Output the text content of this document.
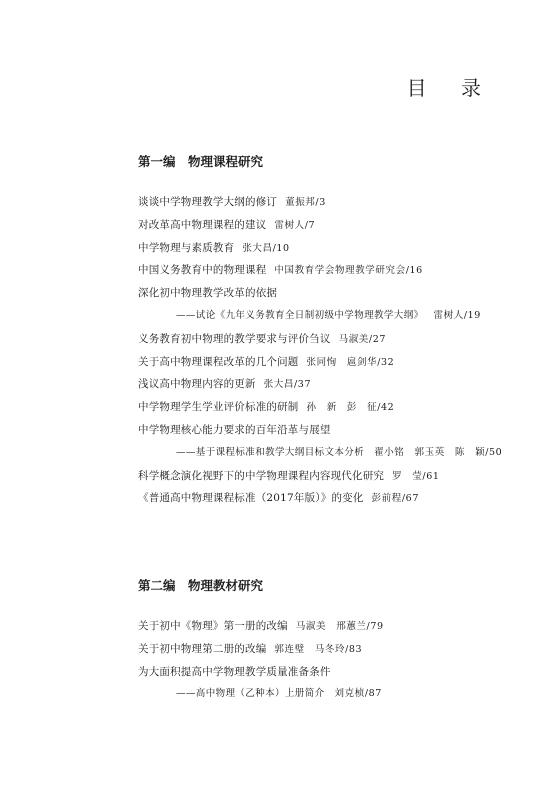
目 录
第一编　物理课程研究
谈谈中学物理教学大纲的修订 董振邦/3
对改革高中物理课程的建议 雷树人/7
中学物理与素质教育 张大昌/10
中国义务教育中的物理课程 中国教育学会物理教学研究会/16
深化初中物理教学改革的依据
——试论《九年义务教育全日制初级中学物理教学大纲》 雷树人/19
义务教育初中物理的教学要求与评价刍议 马淑美/27
关于高中物理课程改革的几个问题 张同恂　扈剑华/32
浅议高中物理内容的更新 张大昌/37
中学物理学生学业评价标准的研制 孙　新　彭　征/42
中学物理核心能力要求的百年沿革与展望
——基于课程标准和教学大纲目标文本分析 翟小铭　郭玉英　陈　颖/50
科学概念演化视野下的中学物理课程内容现代化研究 罗　莹/61
《普通高中物理课程标准（2017年版）》的变化 彭前程/67
第二编　物理教材研究
关于初中《物理》第一册的改编 马淑美　邢蕙兰/79
关于初中物理第二册的改编 郭连璧　马冬玲/83
为大面积提高中学物理教学质量准备条件
——高中物理（乙种本）上册简介 刘克桢/87
